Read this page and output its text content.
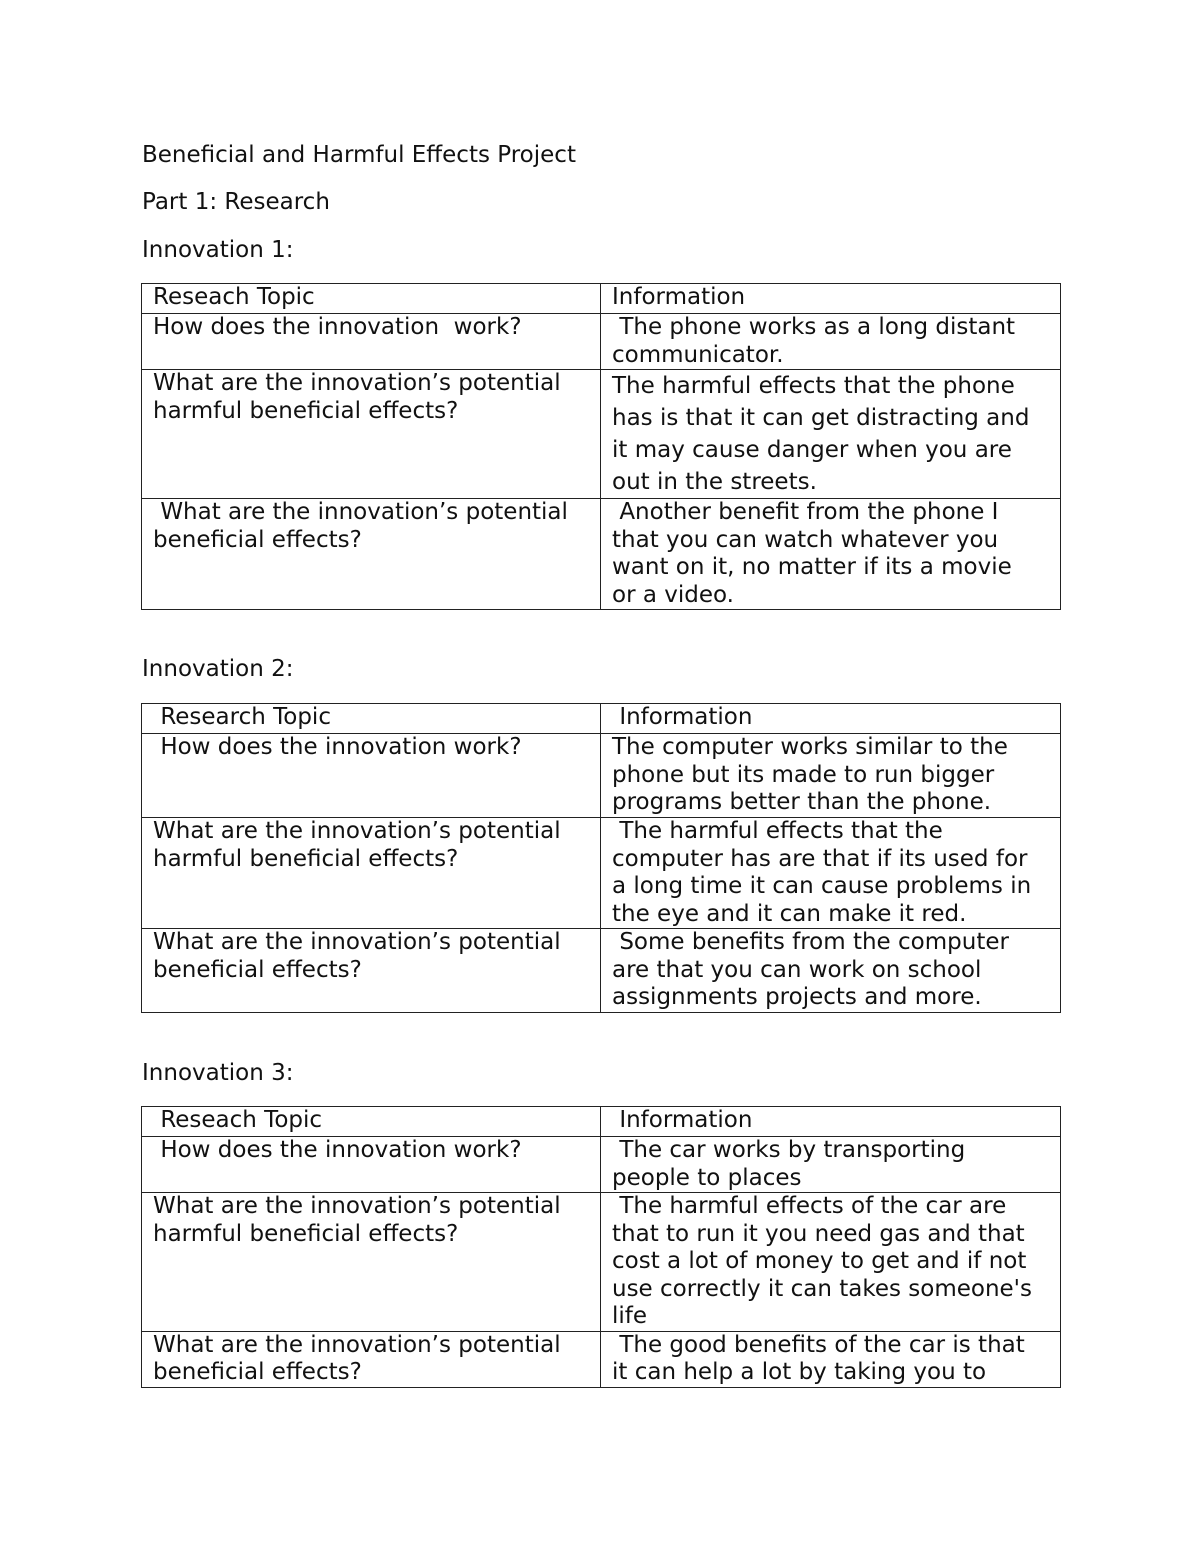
Beneficial and Harmful Effects Project
Part 1: Research
Innovation 1:
Reseach Topic	Information
How does the innovation  work?	The phone works as a long distant
communicator.
What are the innovation’s potential
harmful beneficial effects?	The harmful effects that the phone
has is that it can get distracting and
it may cause danger when you are
out in the streets.
What are the innovation’s potential
beneficial effects?	Another benefit from the phone I
that you can watch whatever you
want on it, no matter if its a movie
or a video.
Innovation 2:
Research Topic	Information
How does the innovation work?	The computer works similar to the
phone but its made to run bigger
programs better than the phone.
What are the innovation’s potential
harmful beneficial effects?	The harmful effects that the
computer has are that if its used for
a long time it can cause problems in
the eye and it can make it red.
What are the innovation’s potential
beneficial effects?	Some benefits from the computer
are that you can work on school
assignments projects and more.
Innovation 3:
Reseach Topic	Information
How does the innovation work?	The car works by transporting
people to places
What are the innovation’s potential
harmful beneficial effects?	The harmful effects of the car are
that to run it you need gas and that
cost a lot of money to get and if not
use correctly it can takes someone's
life
What are the innovation’s potential
beneficial effects?	The good benefits of the car is that
it can help a lot by taking you to
